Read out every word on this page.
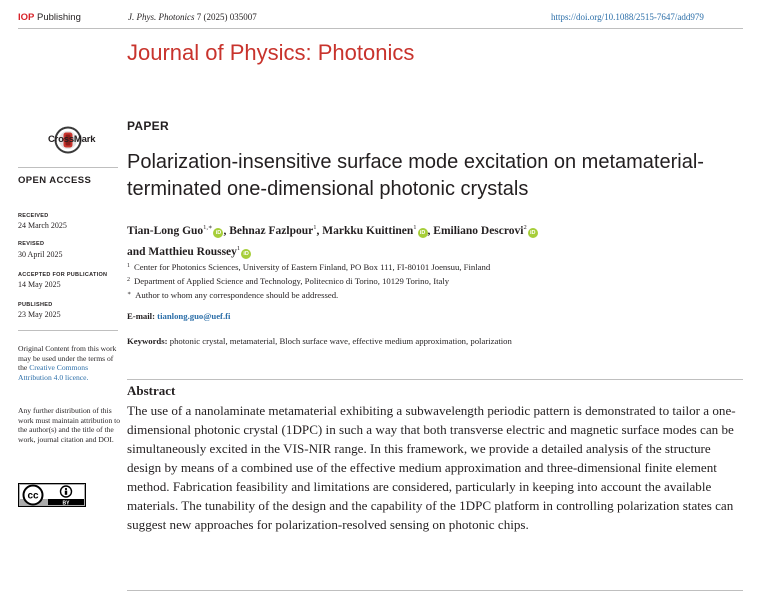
IOP Publishing	J. Phys. Photonics 7 (2025) 035007	https://doi.org/10.1088/2515-7647/add979
Journal of Physics: Photonics
CrossMark
OPEN ACCESS
RECEIVED
24 March 2025
REVISED
30 April 2025
ACCEPTED FOR PUBLICATION
14 May 2025
PUBLISHED
23 May 2025
Original Content from this work may be used under the terms of the Creative Commons Attribution 4.0 licence.
Any further distribution of this work must maintain attribution to the author(s) and the title of the work, journal citation and DOI.
cc
BY
PAPER
Polarization-insensitive surface mode excitation on metamaterial-terminated one-dimensional photonic crystals
Tian-Long Guo$^{1,∗}$iD , Behnaz Fazlpour$^1$, Markku Kuittinen$^1$iD , Emiliano Descrovi$^2$iD
and Matthieu Roussey$^1$iD
$^1$ Center for Photonics Sciences, University of Eastern Finland, PO Box 111, FI-80101 Joensuu, Finland
$^2$ Department of Applied Science and Technology, Politecnico di Torino, 10129 Torino, Italy
∗ Author to whom any correspondence should be addressed.
E-mail: tianlong.guo@uef.fi
Keywords: photonic crystal, metamaterial, Bloch surface wave, effective medium approximation, polarization
Abstract
The use of a nanolaminate metamaterial exhibiting a subwavelength periodic pattern is demonstrated to tailor a one-dimensional photonic crystal (1DPC) in such a way that both transverse electric and magnetic surface modes can be simultaneously excited in the VIS-NIR range. In this framework, we provide a detailed analysis of the structure design by means of a combined use of the effective medium approximation and three-dimensional finite element method. Fabrication feasibility and limitations are considered, particularly in keeping into account the available materials. The tunability of the design and the capability of the 1DPC platform in controlling polarization states can suggest new approaches for polarization-resolved sensing on photonic chips.
